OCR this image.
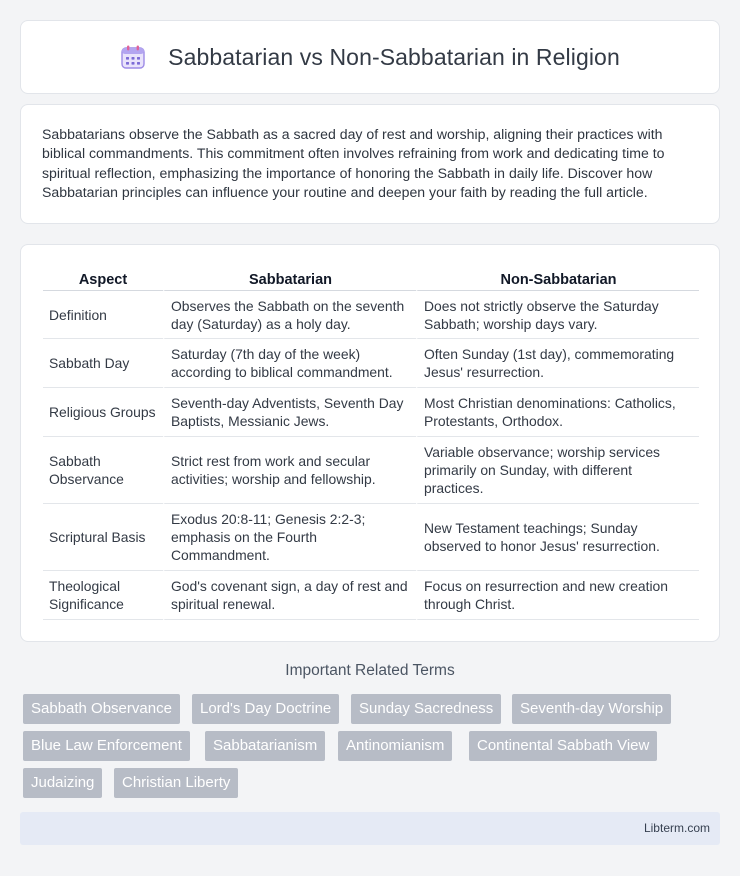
Sabbatarian vs Non-Sabbatarian in Religion

Sabbatarians observe the Sabbath as a sacred day of rest and worship, aligning their practices with biblical commandments. This commitment often involves refraining from work and dedicating time to spiritual reflection, emphasizing the importance of honoring the Sabbath in daily life. Discover how Sabbatarian principles can influence your routine and deepen your faith by reading the full article.

Aspect	Sabbatarian	Non-Sabbatarian
Definition	Observes the Sabbath on the seventh day (Saturday) as a holy day.	Does not strictly observe the Saturday Sabbath; worship days vary.
Sabbath Day	Saturday (7th day of the week) according to biblical commandment.	Often Sunday (1st day), commemorating Jesus' resurrection.
Religious Groups	Seventh-day Adventists, Seventh Day Baptists, Messianic Jews.	Most Christian denominations: Catholics, Protestants, Orthodox.
Sabbath Observance	Strict rest from work and secular activities; worship and fellowship.	Variable observance; worship services primarily on Sunday, with different practices.
Scriptural Basis	Exodus 20:8-11; Genesis 2:2-3; emphasis on the Fourth Commandment.	New Testament teachings; Sunday observed to honor Jesus' resurrection.
Theological Significance	God's covenant sign, a day of rest and spiritual renewal.	Focus on resurrection and new creation through Christ.
Important Related Terms
Sabbath Observance	Lord's Day Doctrine	Sunday Sacredness	Seventh-day Worship
Blue Law Enforcement	Sabbatarianism	Antinomianism	Continental Sabbath View
Judaizing	Christian Liberty
Libterm.com
